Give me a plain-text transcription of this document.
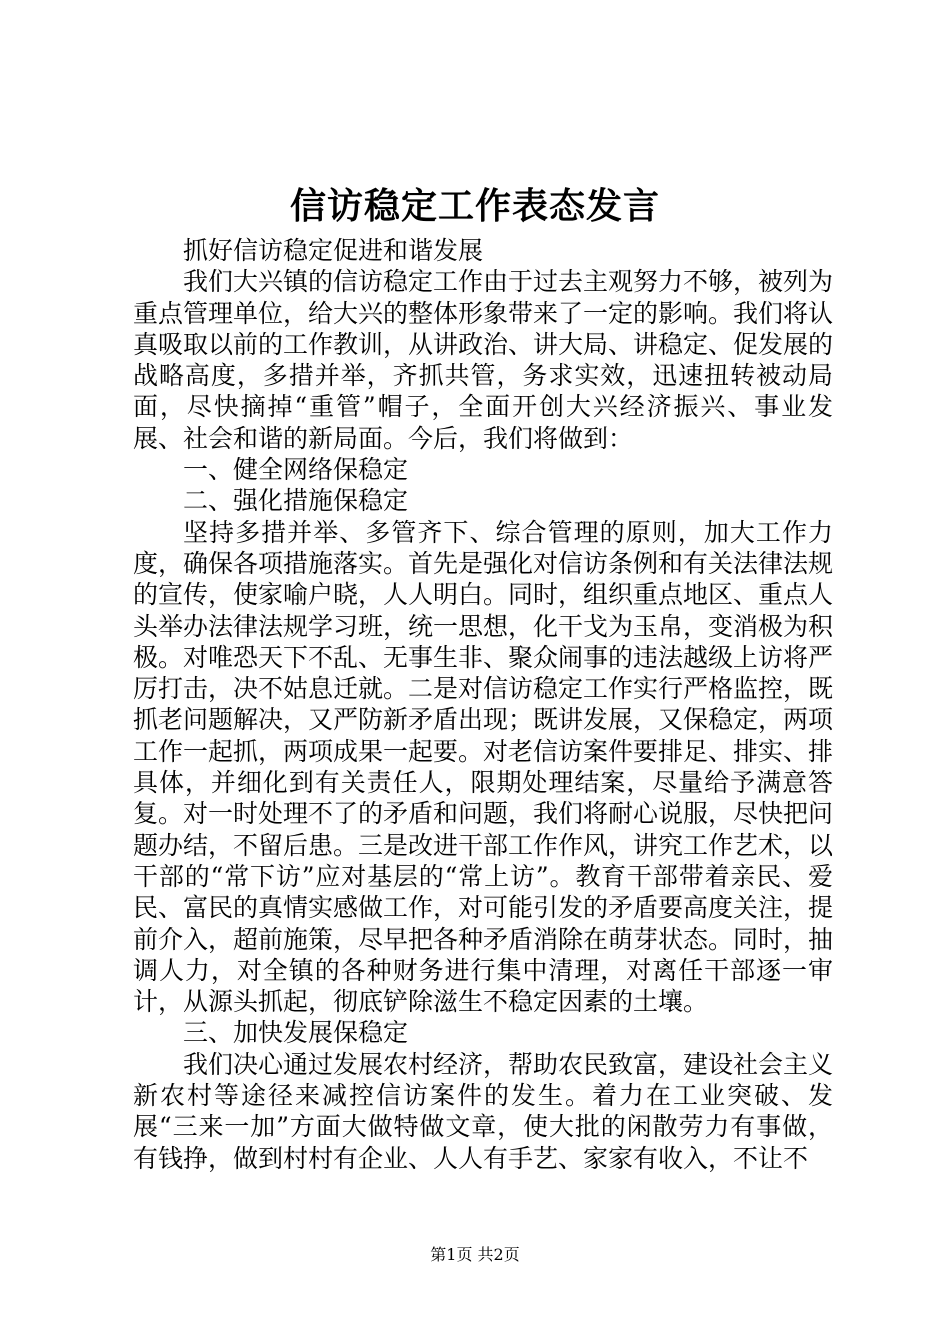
信访稳定工作表态发言

抓好信访稳定促进和谐发展

我们大兴镇的信访稳定工作由于过去主观努力不够，被列为重点管理单位，给大兴的整体形象带来了一定的影响。我们将认真吸取以前的工作教训，从讲政治、讲大局、讲稳定、促发展的战略高度，多措并举，齐抓共管，务求实效，迅速扭转被动局面，尽快摘掉“重管”帽子，全面开创大兴经济振兴、事业发展、社会和谐的新局面。今后，我们将做到：

一、健全网络保稳定

二、强化措施保稳定

坚持多措并举、多管齐下、综合管理的原则，加大工作力度，确保各项措施落实。首先是强化对信访条例和有关法律法规的宣传，使家喻户晓，人人明白。同时，组织重点地区、重点人头举办法律法规学习班，统一思想，化干戈为玉帛，变消极为积极。对唯恐天下不乱、无事生非、聚众闹事的违法越级上访将严厉打击，决不姑息迁就。二是对信访稳定工作实行严格监控，既抓老问题解决，又严防新矛盾出现；既讲发展，又保稳定，两项工作一起抓，两项成果一起要。对老信访案件要排足、排实、排具体，并细化到有关责任人，限期处理结案，尽量给予满意答复。对一时处理不了的矛盾和问题，我们将耐心说服，尽快把问题办结，不留后患。三是改进干部工作作风，讲究工作艺术，以干部的“常下访”应对基层的“常上访”。教育干部带着亲民、爱民、富民的真情实感做工作，对可能引发的矛盾要高度关注，提前介入，超前施策，尽早把各种矛盾消除在萌芽状态。同时，抽调人力，对全镇的各种财务进行集中清理，对离任干部逐一审计，从源头抓起，彻底铲除滋生不稳定因素的土壤。

三、加快发展保稳定

我们决心通过发展农村经济，帮助农民致富，建设社会主义新农村等途径来减控信访案件的发生。着力在工业突破、发展“三来一加”方面大做特做文章，使大批的闲散劳力有事做，有钱挣，做到村村有企业、人人有手艺、家家有收入，不让不

第1页 共2页
